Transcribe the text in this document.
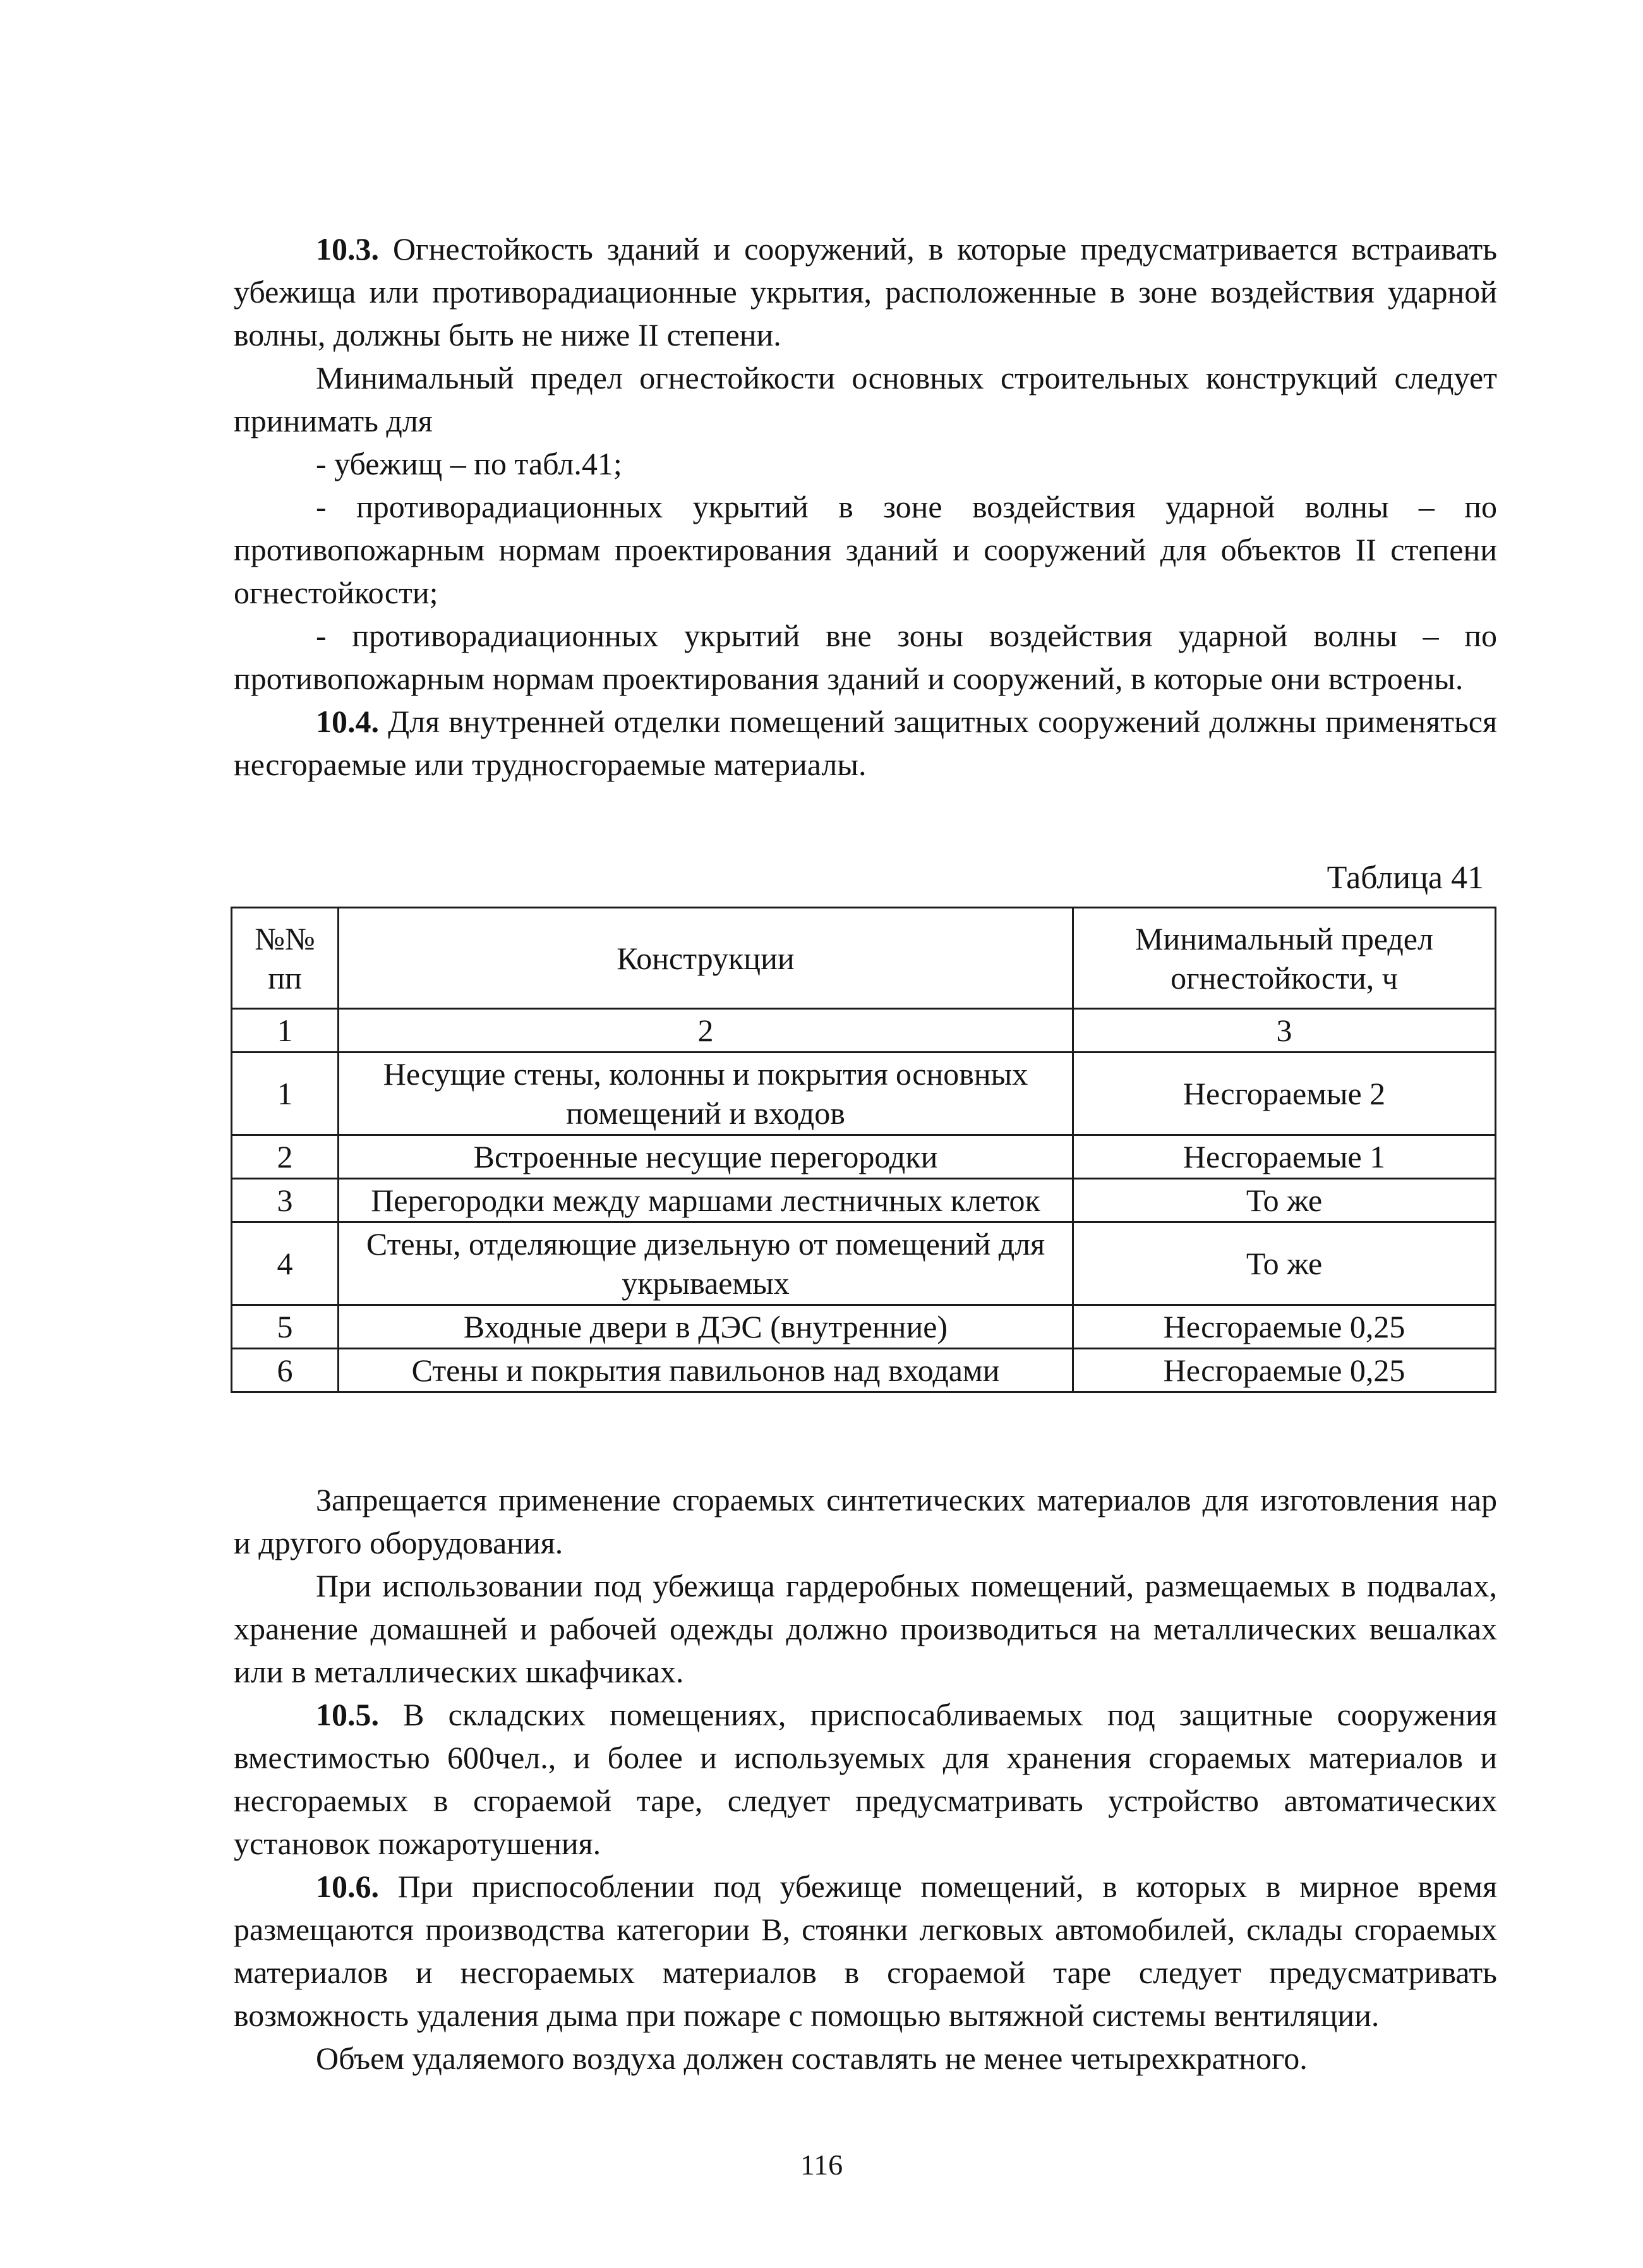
10.3. Огнестойкость зданий и сооружений, в которые предусматривается встраивать убежища или противорадиационные укрытия, расположенные в зоне воздействия ударной волны, должны быть не ниже II степени.

Минимальный предел огнестойкости основных строительных конструкций следует принимать для

- убежищ – по табл.41;

- противорадиационных укрытий в зоне воздействия ударной волны – по противопожарным нормам проектирования зданий и сооружений для объектов II степени огнестойкости;

- противорадиационных укрытий вне зоны воздействия ударной волны – по противопожарным нормам проектирования зданий и сооружений, в которые они встроены.

10.4. Для внутренней отделки помещений защитных сооружений должны применяться несгораемые или трудносгораемые материалы.

Таблица 41
№№ пп	Конструкции	Минимальный предел огнестойкости, ч
1	2	3
1	Несущие стены, колонны и покрытия основных помещений и входов	Несгораемые 2
2	Встроенные несущие перегородки	Несгораемые 1
3	Перегородки между маршами лестничных клеток	То же
4	Стены, отделяющие дизельную от помещений для укрываемых	То же
5	Входные двери в ДЭС (внутренние)	Несгораемые 0,25
6	Стены и покрытия павильонов над входами	Несгораемые 0,25

Запрещается применение сгораемых синтетических материалов для изготовления нар и другого оборудования.

При использовании под убежища гардеробных помещений, размещаемых в подвалах, хранение домашней и рабочей одежды должно производиться на металлических вешалках или в металлических шкафчиках.

10.5. В складских помещениях, приспосабливаемых под защитные сооружения вместимостью 600чел., и более и используемых для хранения сгораемых материалов и несгораемых в сгораемой таре, следует предусматривать устройство автоматических установок пожаротушения.

10.6. При приспособлении под убежище помещений, в которых в мирное время размещаются производства категории В, стоянки легковых автомобилей, склады сгораемых материалов и несгораемых материалов в сгораемой таре следует предусматривать возможность удаления дыма при пожаре с помощью вытяжной системы вентиляции.

Объем удаляемого воздуха должен составлять не менее четырехкратного.

116
